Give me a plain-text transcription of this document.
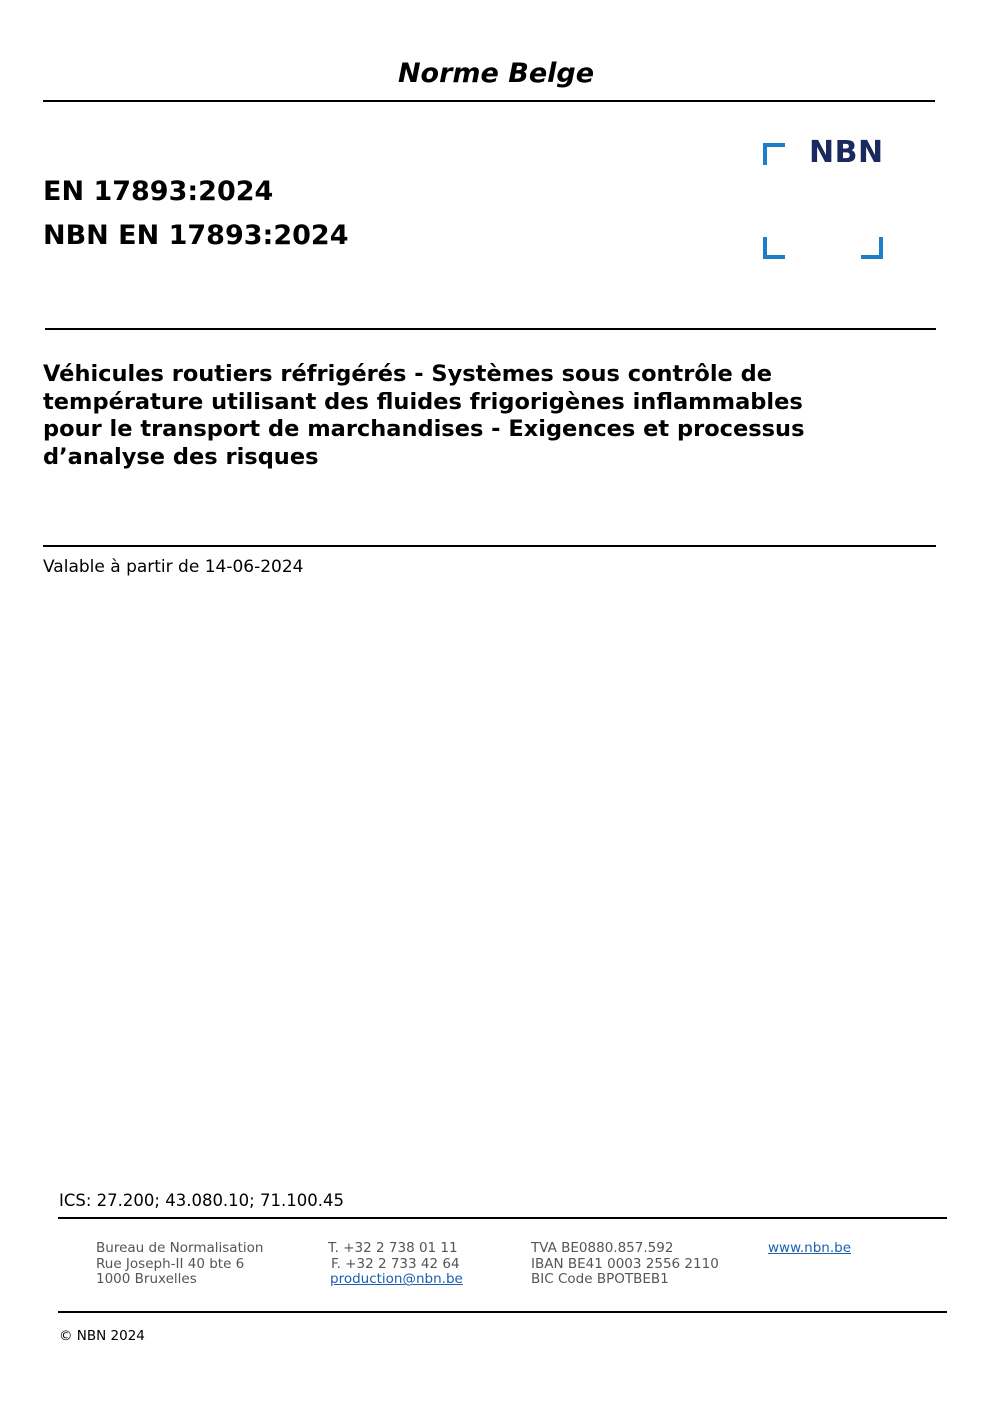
Norme Belge
EN 17893:2024
NBN EN 17893:2024
NBN
Véhicules routiers réfrigérés - Systèmes sous contrôle de
température utilisant des fluides frigorigènes inflammables
pour le transport de marchandises - Exigences et processus
d’analyse des risques
Valable à partir de 14-06-2024
ICS: 27.200; 43.080.10; 71.100.45
Bureau de Normalisation
Rue Joseph-II 40 bte 6
1000 Bruxelles
T. +32 2 738 01 11
F. +32 2 733 42 64
production@nbn.be
TVA BE0880.857.592
IBAN BE41 0003 2556 2110
BIC Code BPOTBEB1
www.nbn.be
© NBN 2024
